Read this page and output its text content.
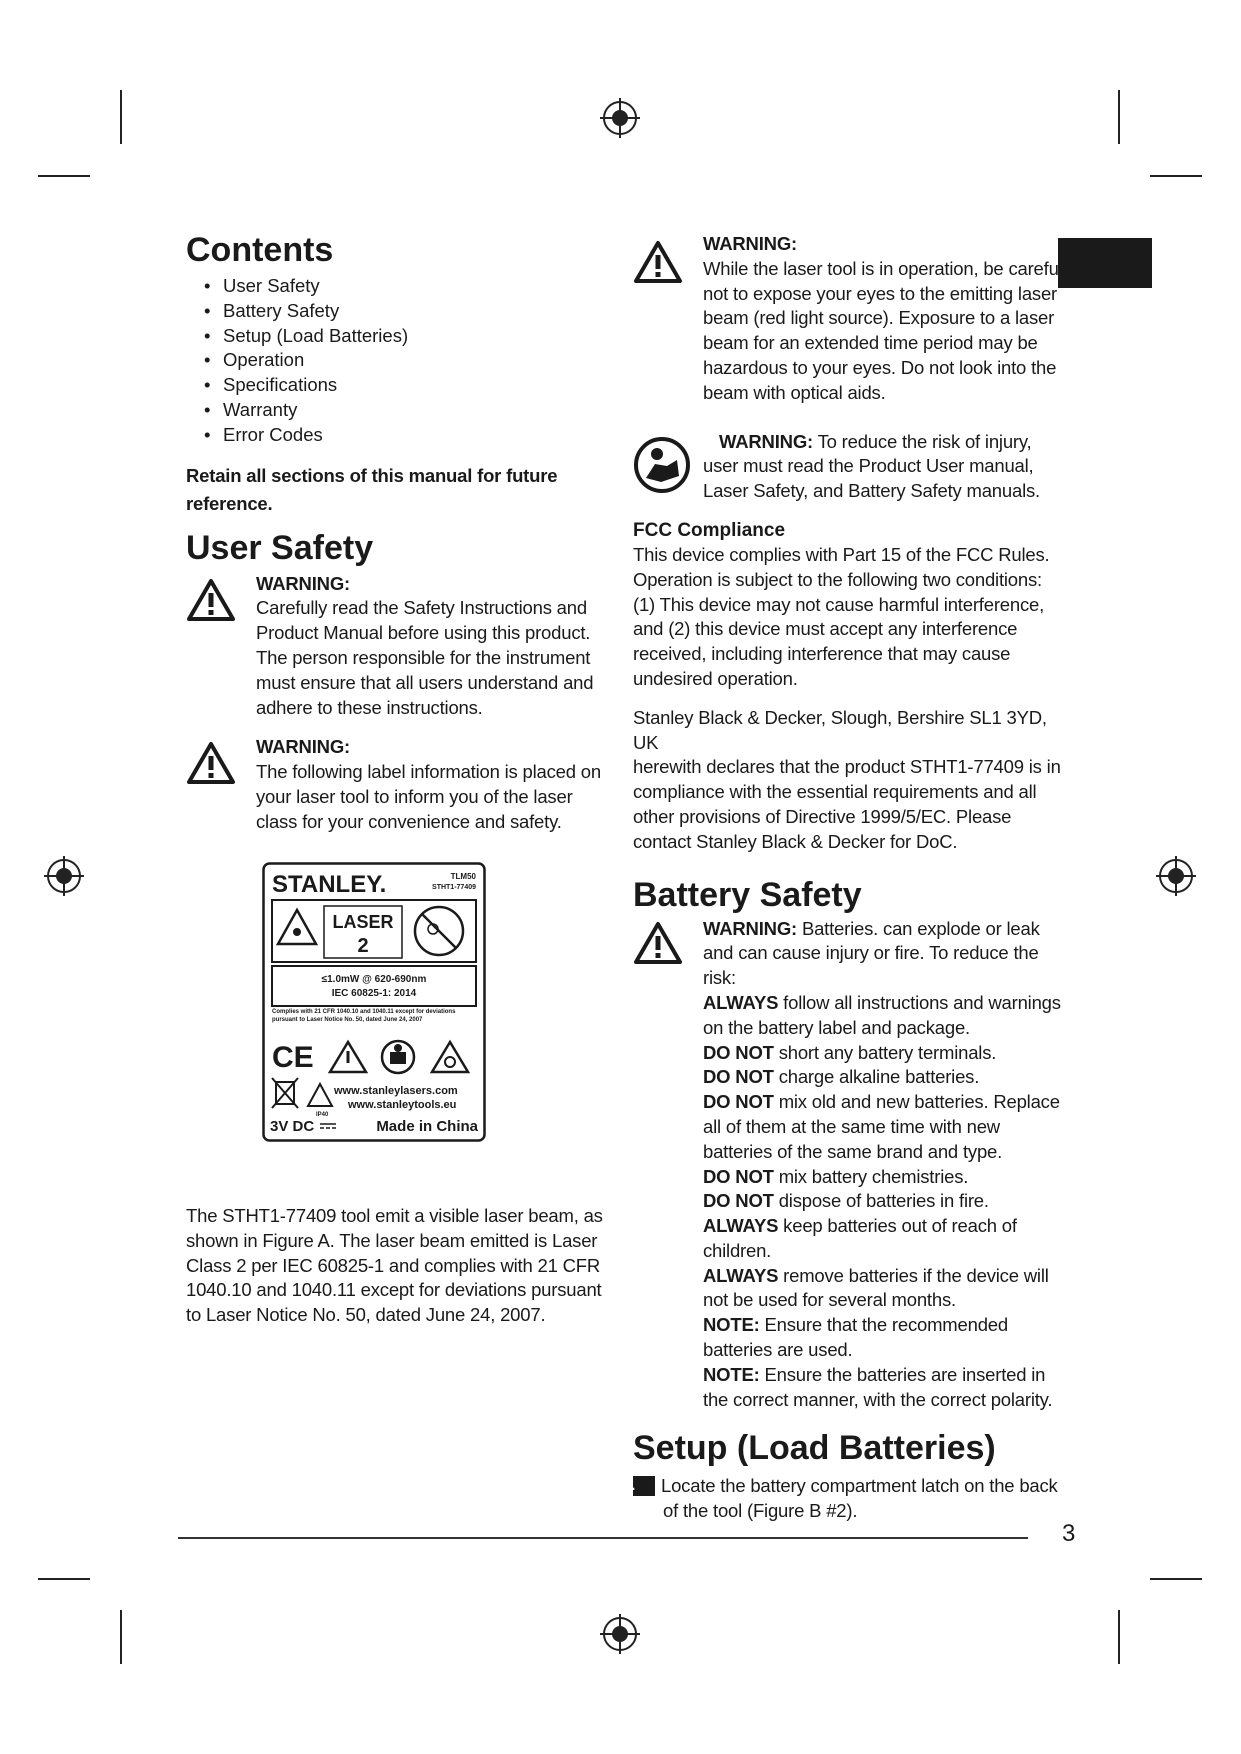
Contents
• User Safety
• Battery Safety
• Setup (Load Batteries)
• Operation
• Specifications
• Warranty
• Error Codes

Retain all sections of this manual for future reference.

User Safety

WARNING:

Carefully read the Safety Instructions and Product Manual before using this product. The person responsible for the instrument must ensure that all users understand and adhere to these instructions.

WARNING:

The following label information is placed on your laser tool to inform you of the laser class for your convenience and safety.

STANLEY.	TLM50
STHT1-77409
LASER
2
≤1.0mW @ 620-690nm
IEC 60825-1: 2014
Complies with 21 CFR 1040.10 and 1040.11 except for deviations pursuant to Laser Notice No. 50, dated June 24, 2007
CE
www.stanleylasers.com
www.stanleytools.eu
IP40
3V DC	Made in China

The STHT1-77409 tool emit a visible laser beam, as shown in Figure A. The laser beam emitted is Laser Class 2 per IEC 60825-1 and complies with 21 CFR 1040.10 and 1040.11 except for deviations pursuant to Laser Notice No. 50, dated June 24, 2007.

WARNING:

While the laser tool is in operation, be careful not to expose your eyes to the emitting laser beam (red light source). Exposure to a laser beam for an extended time period may be hazardous to your eyes. Do not look into the beam with optical aids.

WARNING: To reduce the risk of injury, user must read the Product User manual, Laser Safety, and Battery Safety manuals.

FCC Compliance

This device complies with Part 15 of the FCC Rules. Operation is subject to the following two conditions: (1) This device may not cause harmful interference, and (2) this device must accept any interference received, including interference that may cause undesired operation.

Stanley Black & Decker, Slough, Bershire SL1 3YD, UK

herewith declares that the product STHT1-77409 is in compliance with the essential requirements and all other provisions of Directive 1999/5/EC. Please contact Stanley Black & Decker for DoC.

Battery Safety

WARNING: Batteries. can explode or leak and can cause injury or fire. To reduce the risk:

ALWAYS follow all instructions and warnings on the battery label and package.

DO NOT short any battery terminals.

DO NOT charge alkaline batteries.

DO NOT mix old and new batteries. Replace all of them at the same time with new batteries of the same brand and type.

DO NOT mix battery chemistries.

DO NOT dispose of batteries in fire.

ALWAYS keep batteries out of reach of children.

ALWAYS remove batteries if the device will not be used for several months.

NOTE: Ensure that the recommended batteries are used.

NOTE: Ensure the batteries are inserted in the correct manner, with the correct polarity.

Setup (Load Batteries)

1. Locate the battery compartment latch on the back of the tool (Figure B #2).

3
